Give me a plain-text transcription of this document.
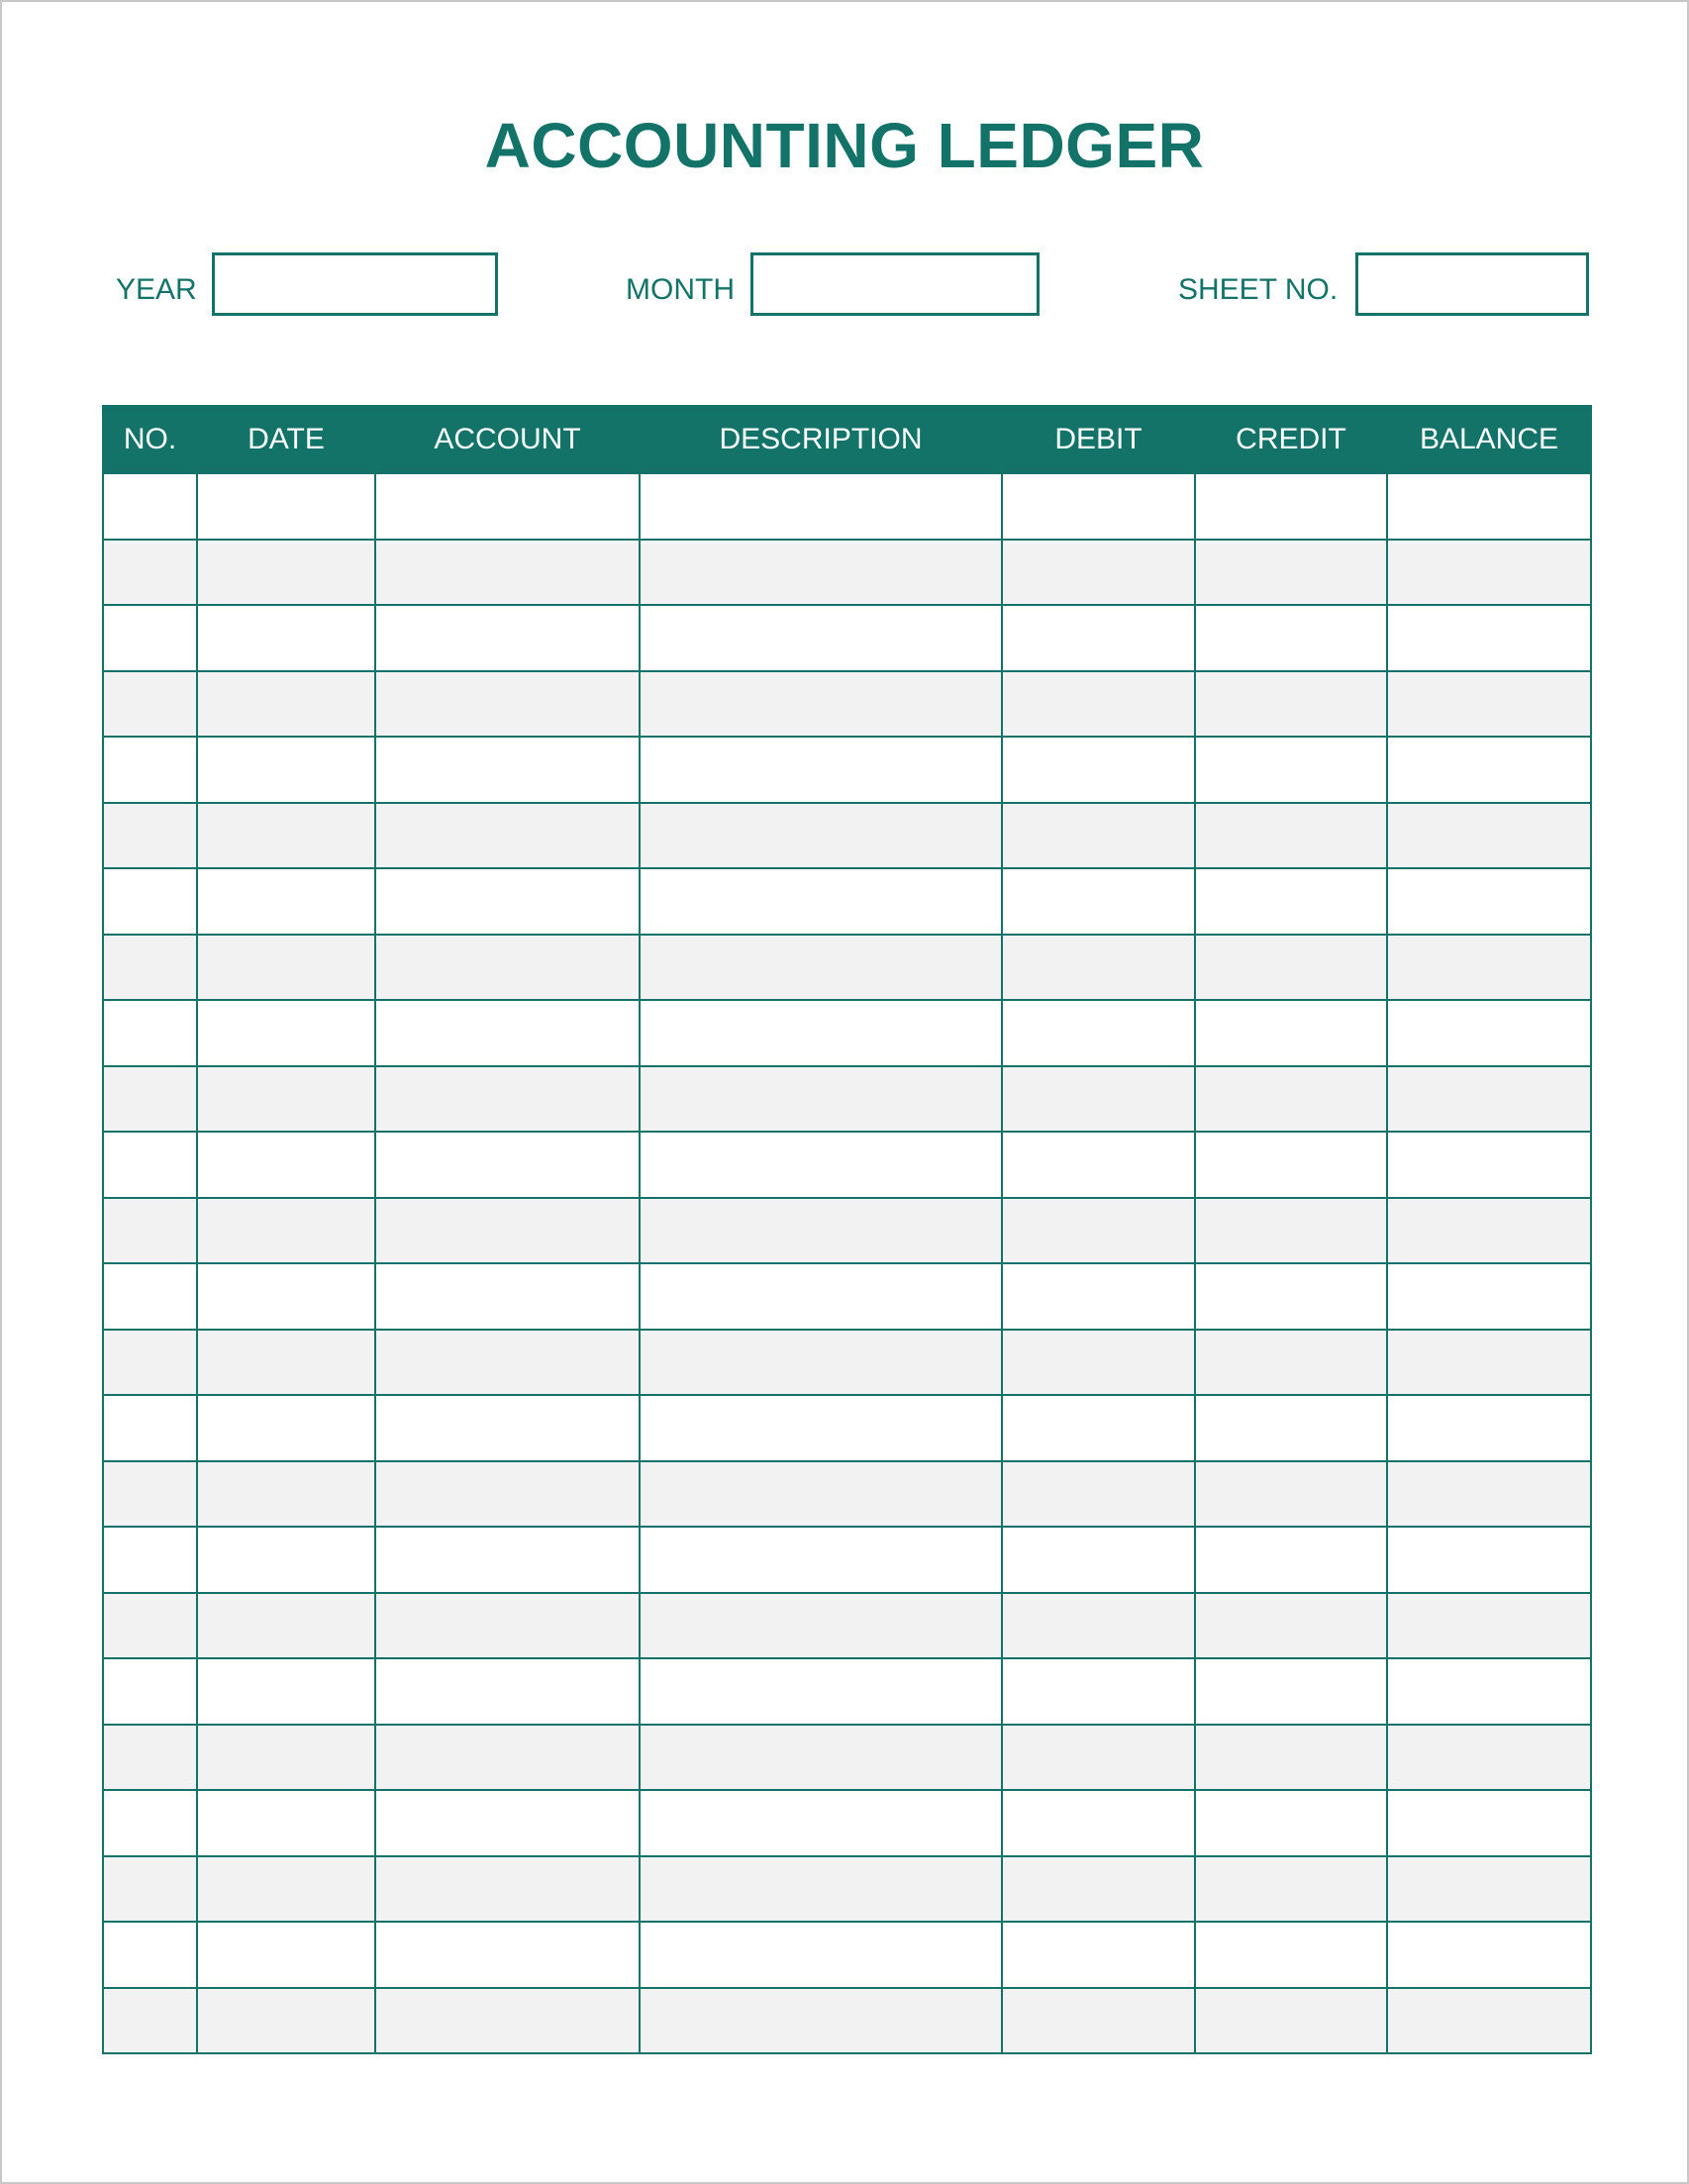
ACCOUNTING LEDGER
YEAR	MONTH	SHEET NO.
NO.	DATE	ACCOUNT	DESCRIPTION	DEBIT	CREDIT	BALANCE
